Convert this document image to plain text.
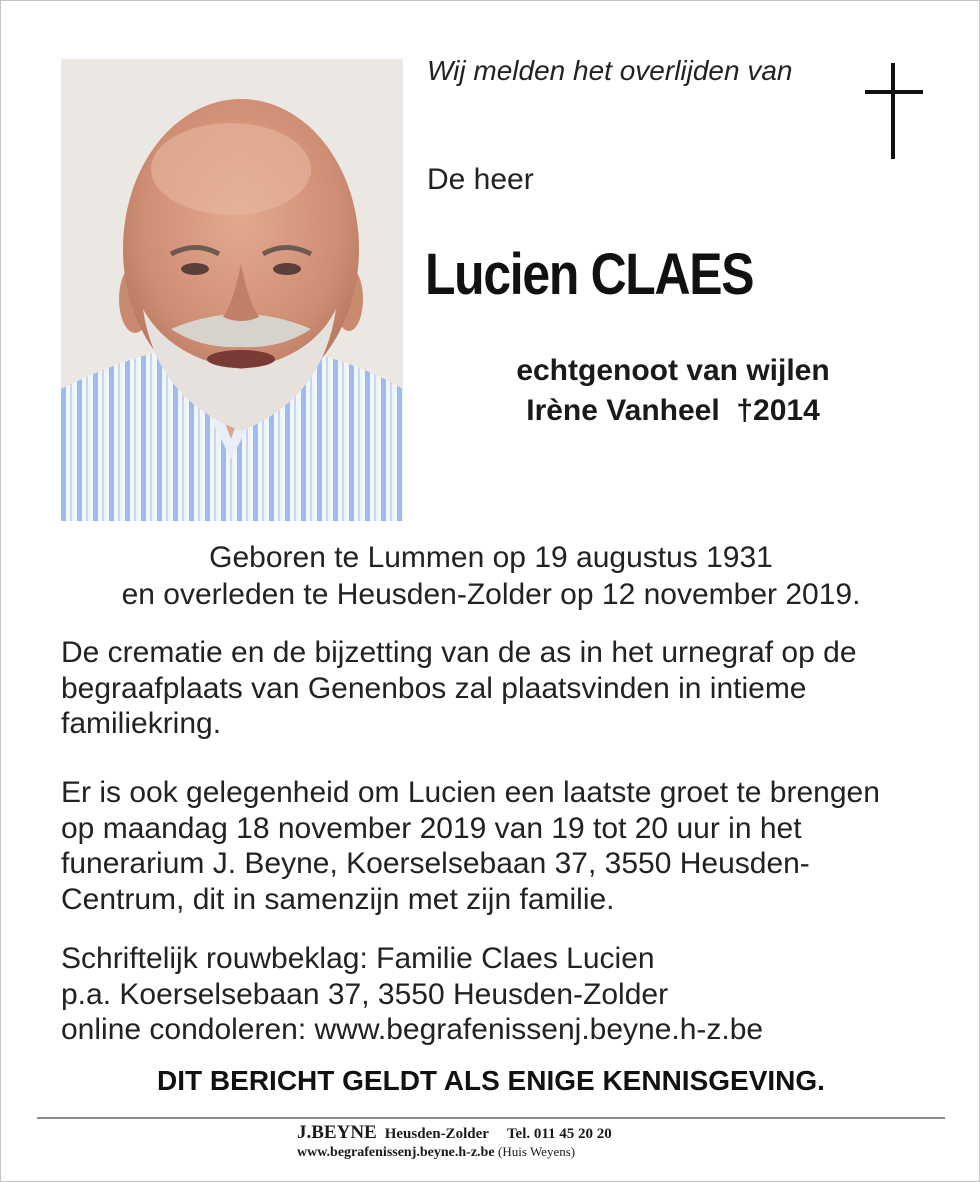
Wij melden het overlijden van
De heer
Lucien CLAES
echtgenoot van wijlen
Irène Vanheel  †2014
Geboren te Lummen op 19 augustus 1931
en overleden te Heusden-Zolder op 12 november 2019.
De crematie en de bijzetting van de as in het urnegraf op de
begraafplaats van Genenbos zal plaatsvinden in intieme
familiekring.
Er is ook gelegenheid om Lucien een laatste groet te brengen
op maandag 18 november 2019 van 19 tot 20 uur in het
funerarium J. Beyne, Koerselsebaan 37, 3550 Heusden-
Centrum, dit in samenzijn met zijn familie.
Schriftelijk rouwbeklag: Familie Claes Lucien
p.a. Koerselsebaan 37, 3550 Heusden-Zolder
online condoleren: www.begrafenissenj.beyne.h-z.be
DIT BERICHT GELDT ALS ENIGE KENNISGEVING.
J.BEYNE Heusden-Zolder Tel. 011 45 20 20
www.begrafenissenj.beyne.h-z.be (Huis Weyens)
